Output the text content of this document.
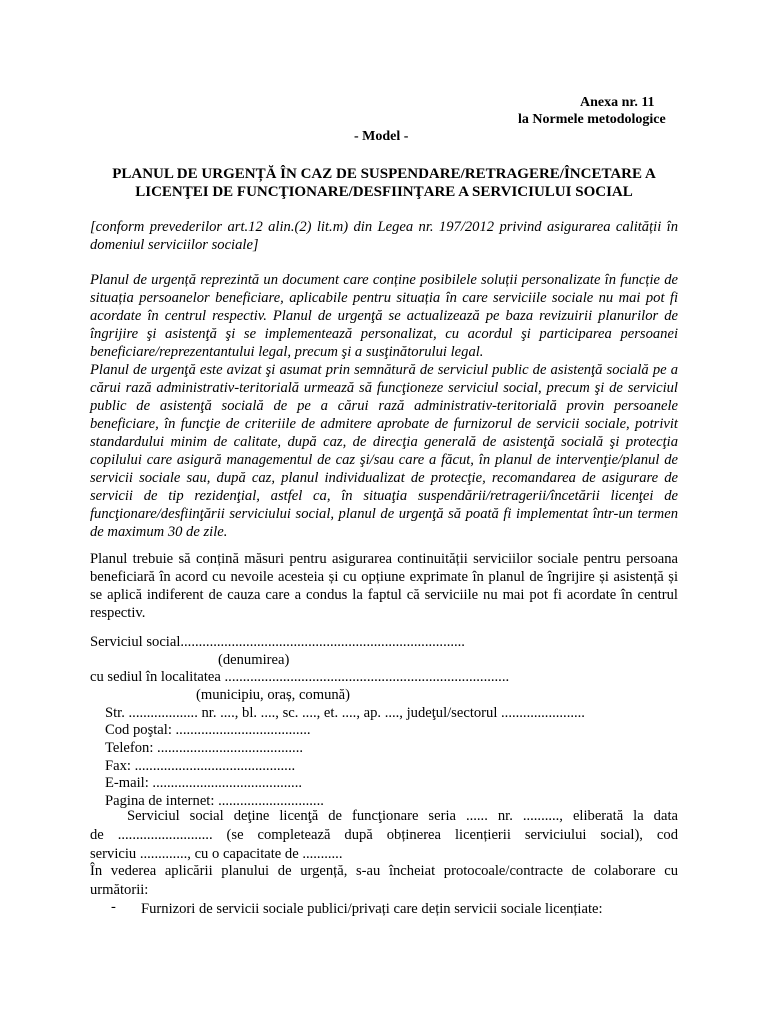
Anexa nr. 11
la Normele metodologice
- Model -
PLANUL DE URGENȚĂ ÎN CAZ DE SUSPENDARE/RETRAGERE/ÎNCETARE A
LICENŢEI DE FUNCŢIONARE/DESFIINŢARE A SERVICIULUI SOCIAL
[conform prevederilor art.12 alin.(2) lit.m) din Legea nr. 197/2012 privind asigurarea calității în domeniul serviciilor sociale]
Planul de urgență reprezintă un document care conține posibilele soluții personalizate în funcție de situația persoanelor beneficiare, aplicabile pentru situația în care serviciile sociale nu mai pot fi acordate în centrul respectiv. Planul de urgenţă se actualizează pe baza revizuirii planurilor de îngrijire şi asistenţă şi se implementează personalizat, cu acordul şi participarea persoanei beneficiare/reprezentantului legal, precum şi a susţinătorului legal.
Planul de urgenţă este avizat şi asumat prin semnătură de serviciul public de asistenţă socială pe a cărui rază administrativ-teritorială urmează să funcţioneze serviciul social, precum şi de serviciul public de asistenţă socială de pe a cărui rază administrativ-teritorială provin persoanele beneficiare, în funcţie de criteriile de admitere aprobate de furnizorul de servicii sociale, potrivit standardului minim de calitate, după caz, de direcţia generală de asistenţă socială şi protecţia copilului care asigură managementul de caz şi/sau care a făcut, în planul de intervenţie/planul de servicii sociale sau, după caz, planul individualizat de protecţie, recomandarea de asigurare de servicii de tip rezidenţial, astfel ca, în situaţia suspendării/retragerii/încetării licenţei de funcţionare/desfiinţării serviciului social, planul de urgenţă să poată fi implementat într-un termen de maximum 30 de zile.
Planul trebuie să conțină măsuri pentru asigurarea continuității serviciilor sociale pentru persoana beneficiară în acord cu nevoile acesteia și cu opțiune exprimate în planul de îngrijire și asistență și se aplică indiferent de cauza care a condus la faptul că serviciile nu mai pot fi acordate în centrul respectiv.
Serviciul social..............................................................................
(denumirea)
cu sediul în localitatea ..............................................................................
(municipiu, oraș, comună)
Str. ................... nr. ...., bl. ...., sc. ...., et. ...., ap. ...., judeţul/sectorul .......................
Cod poştal: .....................................
Telefon: ........................................
Fax: ............................................
E-mail: .........................................
Pagina de internet: .............................
Serviciul social deţine licenţă de funcţionare seria ...... nr. .........., eliberată la data
de .......................... (se completează după obținerea licențierii serviciului social), cod
serviciu ............., cu o capacitate de ...........
În vederea aplicării planului de urgență, s-au încheiat protocoale/contracte de colaborare cu
următorii:
- Furnizori de servicii sociale publici/privați care dețin servicii sociale licențiate:
